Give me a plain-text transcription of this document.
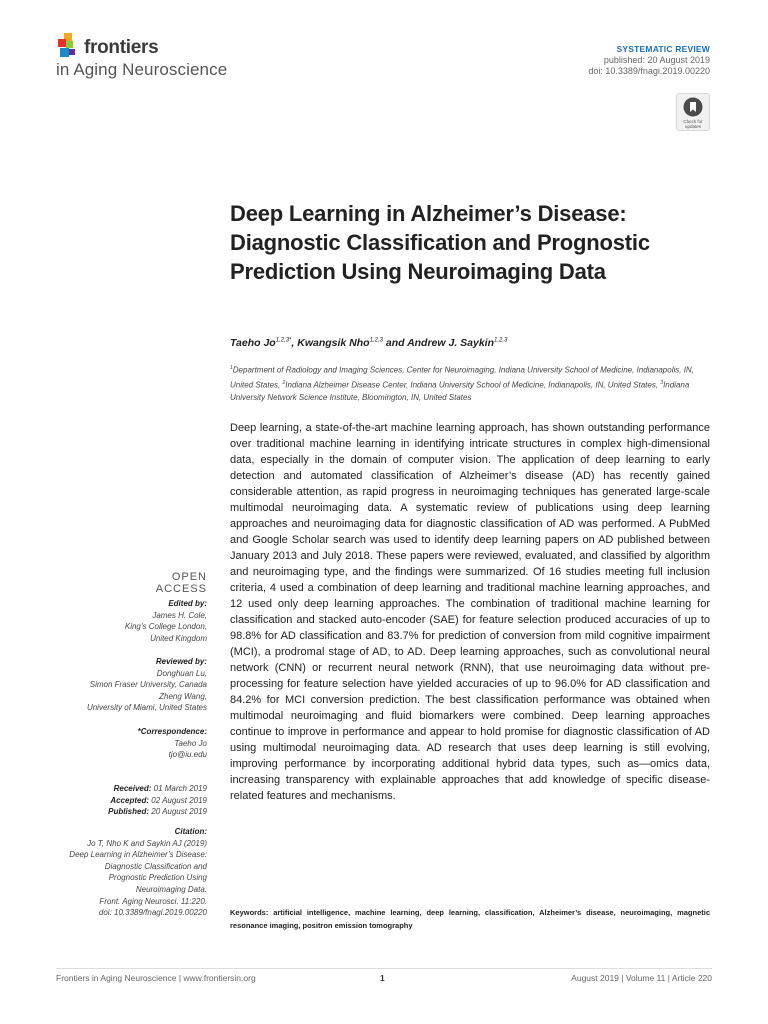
frontiers
in Aging Neuroscience
SYSTEMATIC REVIEW
published: 20 August 2019
doi: 10.3389/fnagi.2019.00220
Check for
updates
Deep Learning in Alzheimer’s Disease: Diagnostic Classification and Prognostic Prediction Using Neuroimaging Data
Taeho $Jo^{1,2,3*}$, Kwangsik Nho$^{1,2,3}$ and Andrew J. Saykin$^{1,2,3}$
$^1$Department of Radiology and Imaging Sciences, Center for Neuroimaging, Indiana University School of Medicine, Indianapolis, IN, United States, $^2$Indiana Alzheimer Disease Center, Indiana University School of Medicine, Indianapolis, IN, United States, $^3$Indiana University Network Science Institute, Bloomington, IN, United States

Deep learning, a state-of-the-art machine learning approach, has shown outstanding performance over traditional machine learning in identifying intricate structures in complex high-dimensional data, especially in the domain of computer vision. The application of deep learning to early detection and automated classification of Alzheimer’s disease (AD) has recently gained considerable attention, as rapid progress in neuroimaging techniques has generated large-scale multimodal neuroimaging data. A systematic review of publications using deep learning approaches and neuroimaging data for diagnostic classification of AD was performed. A PubMed and Google Scholar search was used to identify deep learning papers on AD published between January 2013 and July 2018. These papers were reviewed, evaluated, and classified by algorithm and neuroimaging type, and the findings were summarized. Of 16 studies meeting full inclusion criteria, 4 used a combination of deep learning and traditional machine learning approaches, and 12 used only deep learning approaches. The combination of traditional machine learning for classification and stacked auto-encoder (SAE) for feature selection produced accuracies of up to 98.8% for AD classification and 83.7% for prediction of conversion from mild cognitive impairment (MCI), a prodromal stage of AD, to AD. Deep learning approaches, such as convolutional neural network (CNN) or recurrent neural network (RNN), that use neuroimaging data without pre-processing for feature selection have yielded accuracies of up to 96.0% for AD classification and 84.2% for MCI conversion prediction. The best classification performance was obtained when multimodal neuroimaging and fluid biomarkers were combined. Deep learning approaches continue to improve in performance and appear to hold promise for diagnostic classification of AD using multimodal neuroimaging data. AD research that uses deep learning is still evolving, improving performance by incorporating additional hybrid data types, such as—omics data, increasing transparency with explainable approaches that add knowledge of specific disease-related features and mechanisms.

Keywords: artificial intelligence, machine learning, deep learning, classification, Alzheimer’s disease, neuroimaging, magnetic resonance imaging, positron emission tomography

OPEN ACCESS
Edited by:
James H. Cole,
King’s College London,
United Kingdom
Reviewed by:
Donghuan Lu,
Simon Fraser University, Canada
Zheng Wang,
University of Miami, United States
*Correspondence:
Taeho Jo
tjo@iu.edu
Received: 01 March 2019
Accepted: 02 August 2019
Published: 20 August 2019
Citation:
Jo T, Nho K and Saykin AJ (2019)
Deep Learning in Alzheimer’s Disease:
Diagnostic Classification and
Prognostic Prediction Using
Neuroimaging Data.
Front. Aging Neurosci. 11:220.
doi: 10.3389/fnagi.2019.00220
Frontiers in Aging Neuroscience | www.frontiersin.org	1	August 2019 | Volume 11 | Article 220
